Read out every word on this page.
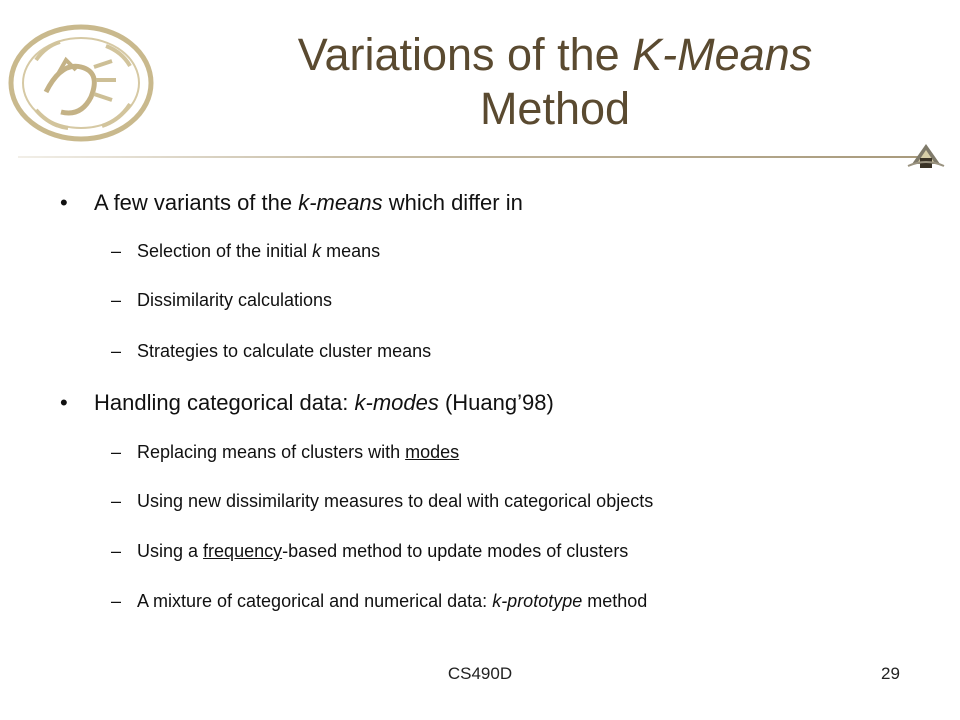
Variations of the K-Means
Method
• A few variants of the k-means which differ in
– Selection of the initial k means
– Dissimilarity calculations
– Strategies to calculate cluster means
• Handling categorical data: k-modes (Huang’98)
– Replacing means of clusters with modes
– Using new dissimilarity measures to deal with categorical objects
– Using a frequency-based method to update modes of clusters
– A mixture of categorical and numerical data: k-prototype method
CS490D	29
